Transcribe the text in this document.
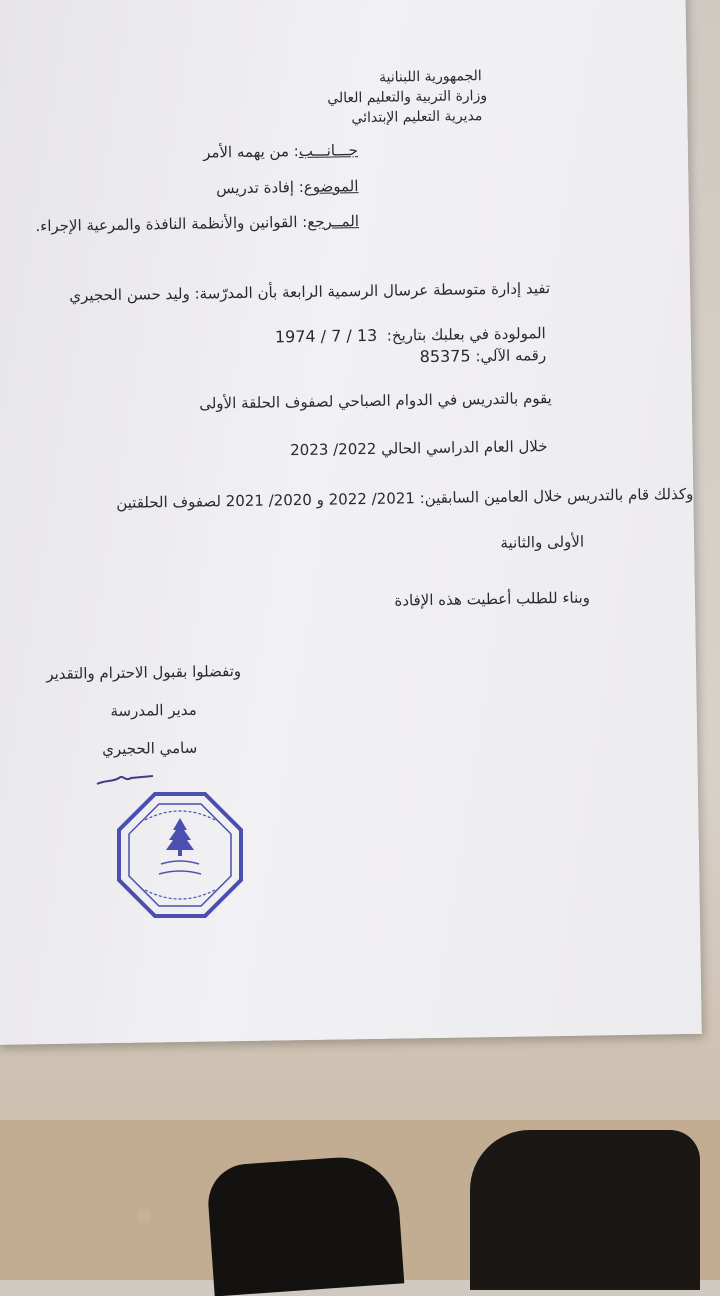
الجمهورية اللبنانية
وزارة التربية والتعليم العالي
مديرية التعليم الإبتدائي
جـــانـــب: من يهمه الأمر
الموضوع: إفادة تدريس
المــرجع: القوانين والأنظمة النافذة والمرعية الإجراء.
تفيد إدارة متوسطة عرسال الرسمية الرابعة بأن المدرّسة: وليد حسن الحجيري
المولودة في بعلبك بتاريخ:  1974 / 7 / 13
رقمه الآلي: 85375
يقوم بالتدريس في الدوام الصباحي لصفوف الحلقة الأولى
خلال العام الدراسي الحالي 2022/ 2023
وكذلك قام بالتدريس خلال العامين السابقين: 2021/ 2022 و 2020/ 2021 لصفوف الحلقتين
الأولى والثانية
وبناء للطلب أعطيت هذه الإفادة
وتفضلوا بقبول الاحترام والتقدير
مدير المدرسة
سامي الحجيري
